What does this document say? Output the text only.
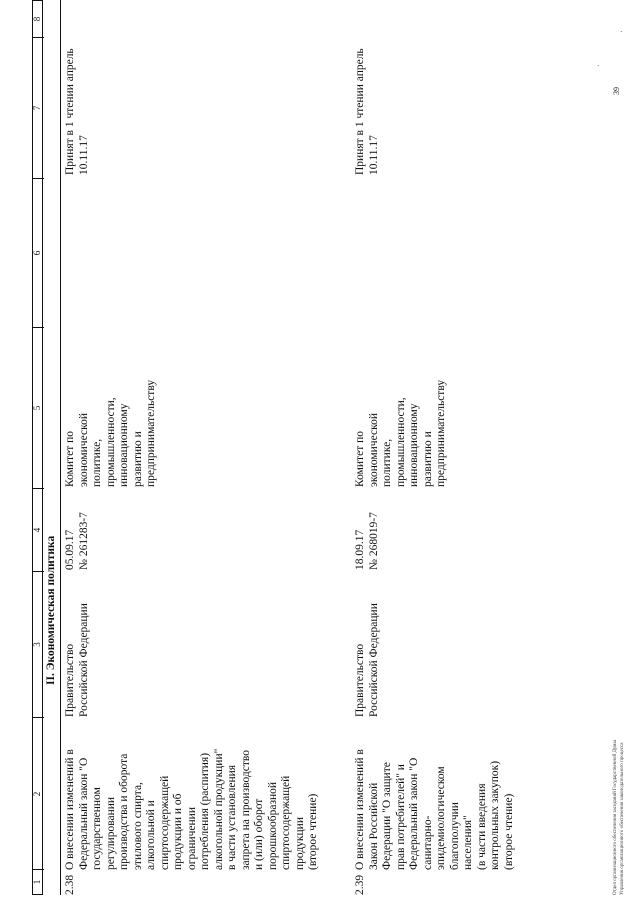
1
2
3
4
5
6
7
8
II. Экономическая политика
2.38
О внесении изменений в Федеральный закон "О государственном регулировании производства и оборота этилового спирта, алкогольной и спиртосодержащей продукции и об ограничении потребления (распития) алкогольной продукции" в части установления запрета на производство и (или) оборот порошкообразной спиртосодержащей продукции (второе чтение)
Правительство Российской Федерации
05.09.17 № 261283-7
Комитет по экономической политике, промышленности, инновационному развитию и предпринимательству
Принят в 1 чтении апрель 10.11.17
2.39
О внесении изменений в Закон Российской Федерации "О защите прав потребителей" и Федеральный закон "О санитарно- эпидемиологическом благополучии населения" (в части введения контрольных закупок) (второе чтение)
Правительство Российской Федерации
18.09.17 № 268019-7
Комитет по экономической политике, промышленности, инновационному развитию и предпринимательству
Принят в 1 чтении апрель 10.11.17
Отдел организационного обеспечения заседаний Государственной Думы Управления организационного обеспечения законодательного процесса
39
·
·
